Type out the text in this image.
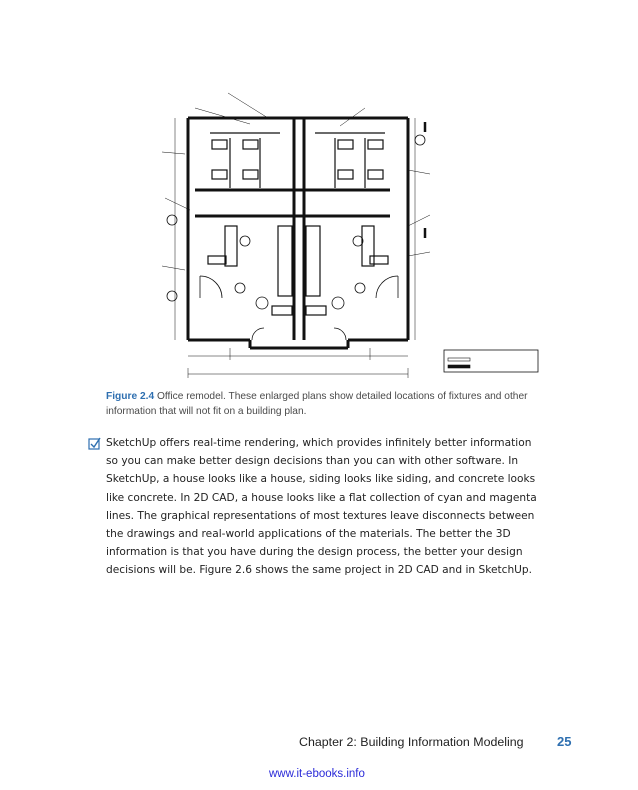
Figure 2.4 Office remodel. These enlarged plans show detailed locations of fixtures and other information that will not fit on a building plan.

SketchUp offers real-time rendering, which provides infinitely better information so you can make better design decisions than you can with other software. In SketchUp, a house looks like a house, siding looks like siding, and concrete looks like concrete. In 2D CAD, a house looks like a flat collection of cyan and magenta lines. The graphical representations of most textures leave disconnects between the drawings and real-world applications of the materials. The better the 3D information is that you have during the design process, the better your design decisions will be. Figure 2.6 shows the same project in 2D CAD and in SketchUp.

Chapter 2: Building Information Modeling	25
www.it-ebooks.info
